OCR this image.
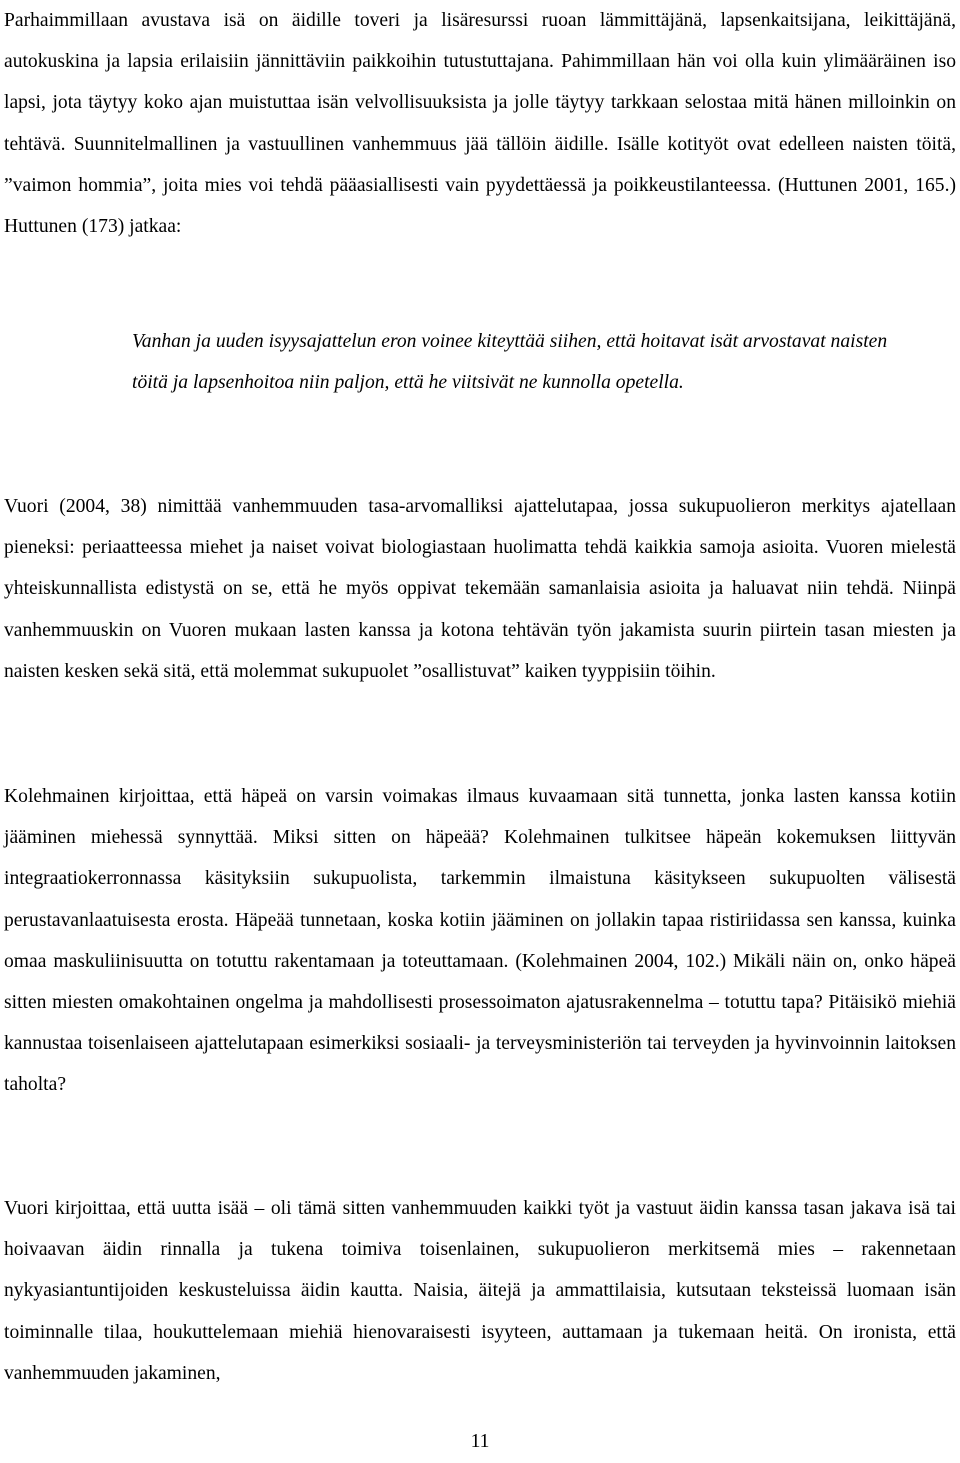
Parhaimmillaan avustava isä on äidille toveri ja lisäresurssi ruoan lämmittäjänä, lapsenkaitsijana, leikittäjänä, autokuskina ja lapsia erilaisiin jännittäviin paikkoihin tutustuttajana. Pahimmillaan hän voi olla kuin ylimääräinen iso lapsi, jota täytyy koko ajan muistuttaa isän velvollisuuksista ja jolle täytyy tarkkaan selostaa mitä hänen milloinkin on tehtävä. Suunnitelmallinen ja vastuullinen vanhemmuus jää tällöin äidille. Isälle kotityöt ovat edelleen naisten töitä, ”vaimon hommia”, joita mies voi tehdä pääasiallisesti vain pyydettäessä ja poikkeustilanteessa. (Huttunen 2001, 165.) Huttunen (173) jatkaa:

Vanhan ja uuden isyysajattelun eron voinee kiteyttää siihen, että hoitavat isät arvostavat naisten töitä ja lapsenhoitoa niin paljon, että he viitsivät ne kunnolla opetella.

Vuori (2004, 38) nimittää vanhemmuuden tasa-arvomalliksi ajattelutapaa, jossa sukupuolieron merkitys ajatellaan pieneksi: periaatteessa miehet ja naiset voivat biologiastaan huolimatta tehdä kaikkia samoja asioita. Vuoren mielestä yhteiskunnallista edistystä on se, että he myös oppivat tekemään samanlaisia asioita ja haluavat niin tehdä. Niinpä vanhemmuuskin on Vuoren mukaan lasten kanssa ja kotona tehtävän työn jakamista suurin piirtein tasan miesten ja naisten kesken sekä sitä, että molemmat sukupuolet ”osallistuvat” kaiken tyyppisiin töihin.

Kolehmainen kirjoittaa, että häpeä on varsin voimakas ilmaus kuvaamaan sitä tunnetta, jonka lasten kanssa kotiin jääminen miehessä synnyttää. Miksi sitten on häpeää? Kolehmainen tulkitsee häpeän kokemuksen liittyvän integraatiokerronnassa käsityksiin sukupuolista, tarkemmin ilmaistuna käsitykseen sukupuolten välisestä perustavanlaatuisesta erosta. Häpeää tunnetaan, koska kotiin jääminen on jollakin tapaa ristiriidassa sen kanssa, kuinka omaa maskuliinisuutta on totuttu rakentamaan ja toteuttamaan. (Kolehmainen 2004, 102.) Mikäli näin on, onko häpeä sitten miesten omakohtainen ongelma ja mahdollisesti prosessoimaton ajatusrakennelma – totuttu tapa? Pitäisikö miehiä kannustaa toisenlaiseen ajattelutapaan esimerkiksi sosiaali- ja terveysministeriön tai terveyden ja hyvinvoinnin laitoksen taholta?

Vuori kirjoittaa, että uutta isää – oli tämä sitten vanhemmuuden kaikki työt ja vastuut äidin kanssa tasan jakava isä tai hoivaavan äidin rinnalla ja tukena toimiva toisenlainen, sukupuolieron merkitsemä mies – rakennetaan nykyasiantuntijoiden keskusteluissa äidin kautta. Naisia, äitejä ja ammattilaisia, kutsutaan teksteissä luomaan isän toiminnalle tilaa, houkuttelemaan miehiä hienovaraisesti isyyteen, auttamaan ja tukemaan heitä. On ironista, että vanhemmuuden jakaminen,

11
